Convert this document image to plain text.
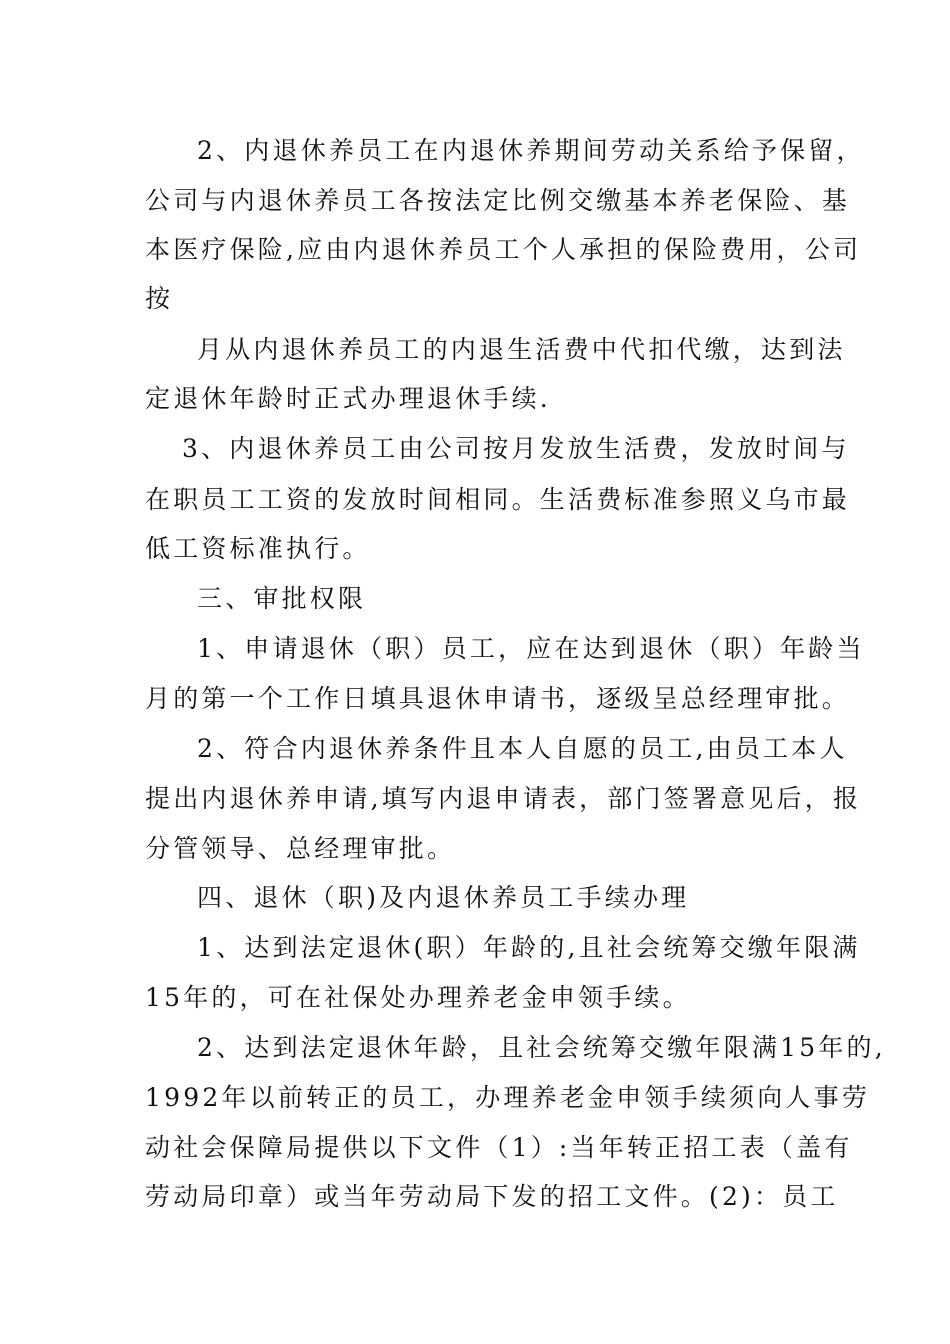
2、内退休养员工在内退休养期间劳动关系给予保留，
公司与内退休养员工各按法定比例交缴基本养老保险、基
本医疗保险,应由内退休养员工个人承担的保险费用，公司
按
月从内退休养员工的内退生活费中代扣代缴，达到法
定退休年龄时正式办理退休手续.
3、内退休养员工由公司按月发放生活费，发放时间与
在职员工工资的发放时间相同。生活费标准参照义乌市最
低工资标准执行。
三、审批权限
1、申请退休（职）员工，应在达到退休（职）年龄当
月的第一个工作日填具退休申请书，逐级呈总经理审批。
2、符合内退休养条件且本人自愿的员工,由员工本人
提出内退休养申请,填写内退申请表，部门签署意见后，报
分管领导、总经理审批。
四、退休（职)及内退休养员工手续办理
1、达到法定退休(职）年龄的,且社会统筹交缴年限满
15年的，可在社保处办理养老金申领手续。
2、达到法定退休年龄，且社会统筹交缴年限满15年的,
1992年以前转正的员工，办理养老金申领手续须向人事劳
动社会保障局提供以下文件（1）:当年转正招工表（盖有
劳动局印章）或当年劳动局下发的招工文件。(2)：员工
